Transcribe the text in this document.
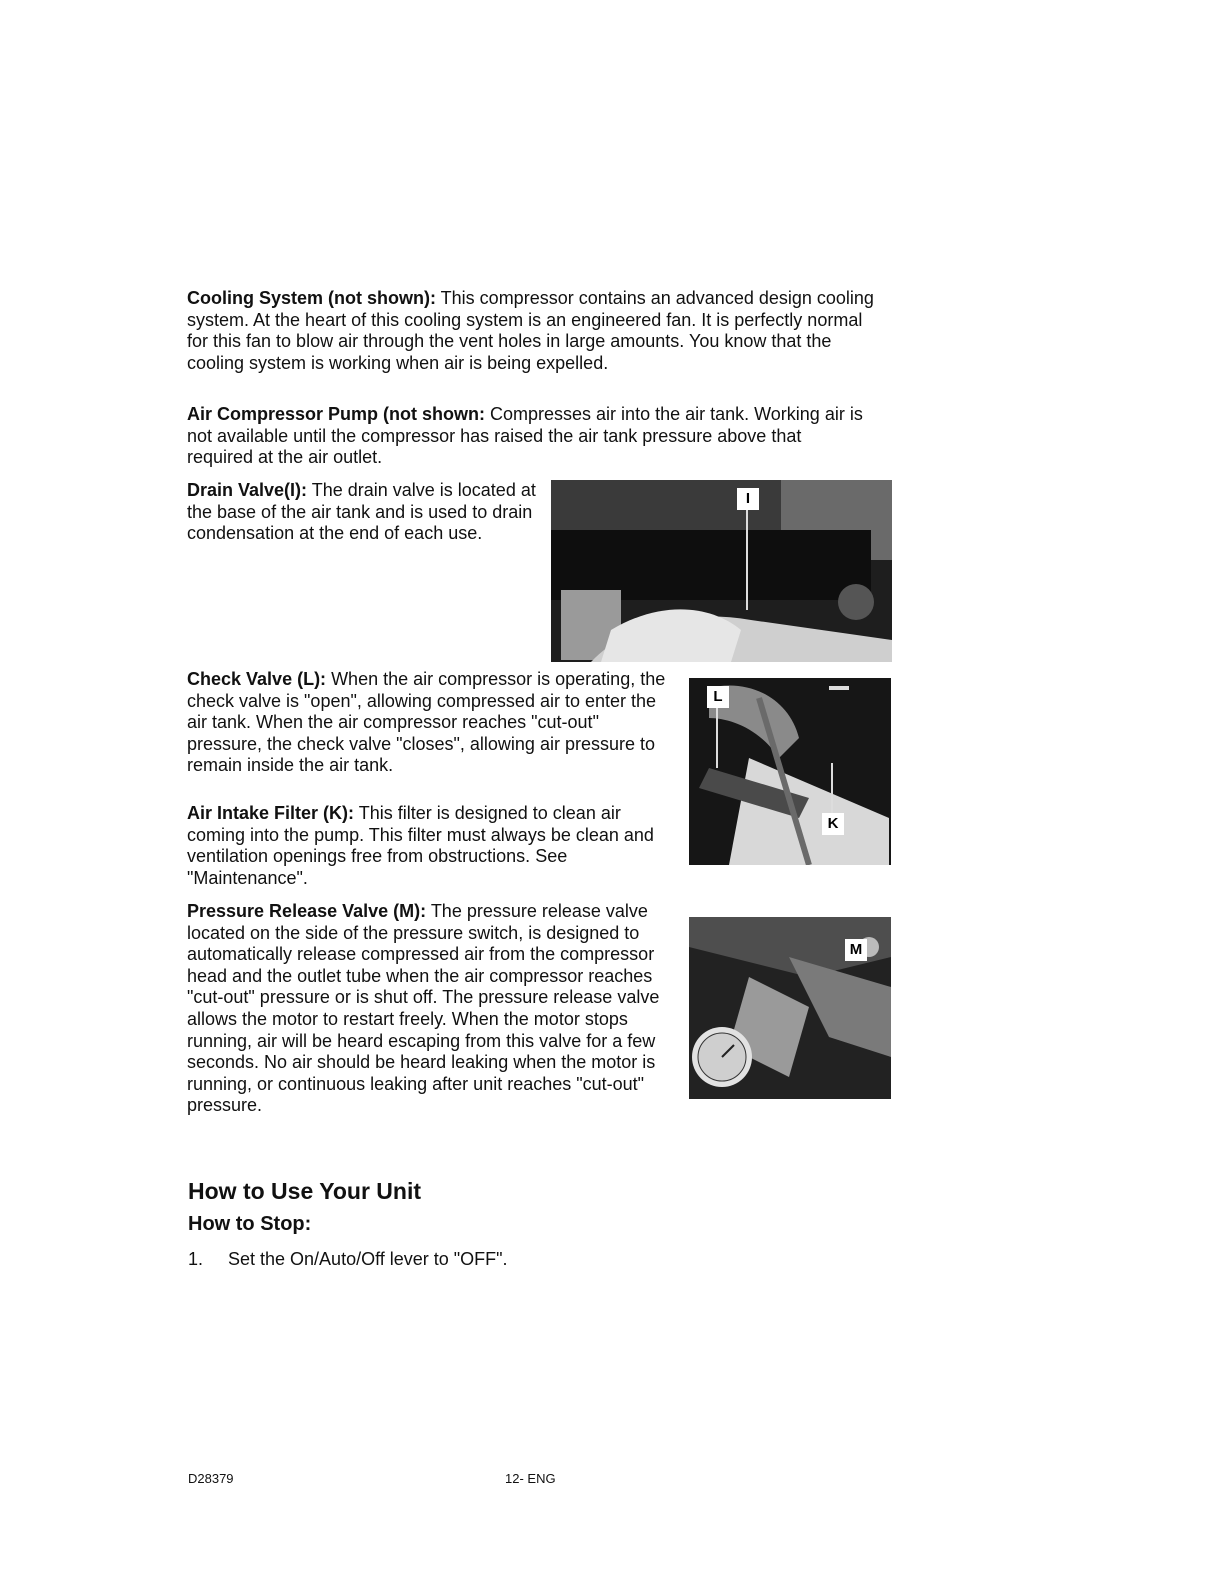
Cooling System (not shown): This compressor contains an advanced design cooling system. At the heart of this cooling system is an engineered fan. It is perfectly normal for this fan to blow air through the vent holes in large amounts. You know that the cooling system is working when air is being expelled.
Air Compressor Pump (not shown: Compresses air into the air tank. Working air is not available until the compressor has raised the air tank pressure above that required at the air outlet.
Drain Valve(I): The drain valve is located at the base of the air tank and is used to drain condensation at the end of each use.
I
Check Valve (L): When the air compressor is operating, the check valve is "open", allowing compressed air to enter the air tank. When the air compressor reaches "cut-out" pressure, the check valve "closes", allowing air pressure to remain inside the air tank.
L
K
Air Intake Filter (K): This filter is designed to clean air coming into the pump. This filter must always be clean and ventilation openings free from obstructions. See "Maintenance".
Pressure Release Valve (M): The pressure release valve located on the side of the pressure switch, is designed to automatically release compressed air from the compressor head and the outlet tube when the air compressor reaches "cut-out" pressure or is shut off. The pressure release valve allows the motor to restart freely. When the motor stops running, air will be heard escaping from this valve for a few seconds. No air should be heard leaking when the motor is running, or continuous leaking after unit reaches "cut-out" pressure.
M
How to Use Your Unit
How to Stop:
1. Set the On/Auto/Off lever to "OFF".
D28379	12- ENG
